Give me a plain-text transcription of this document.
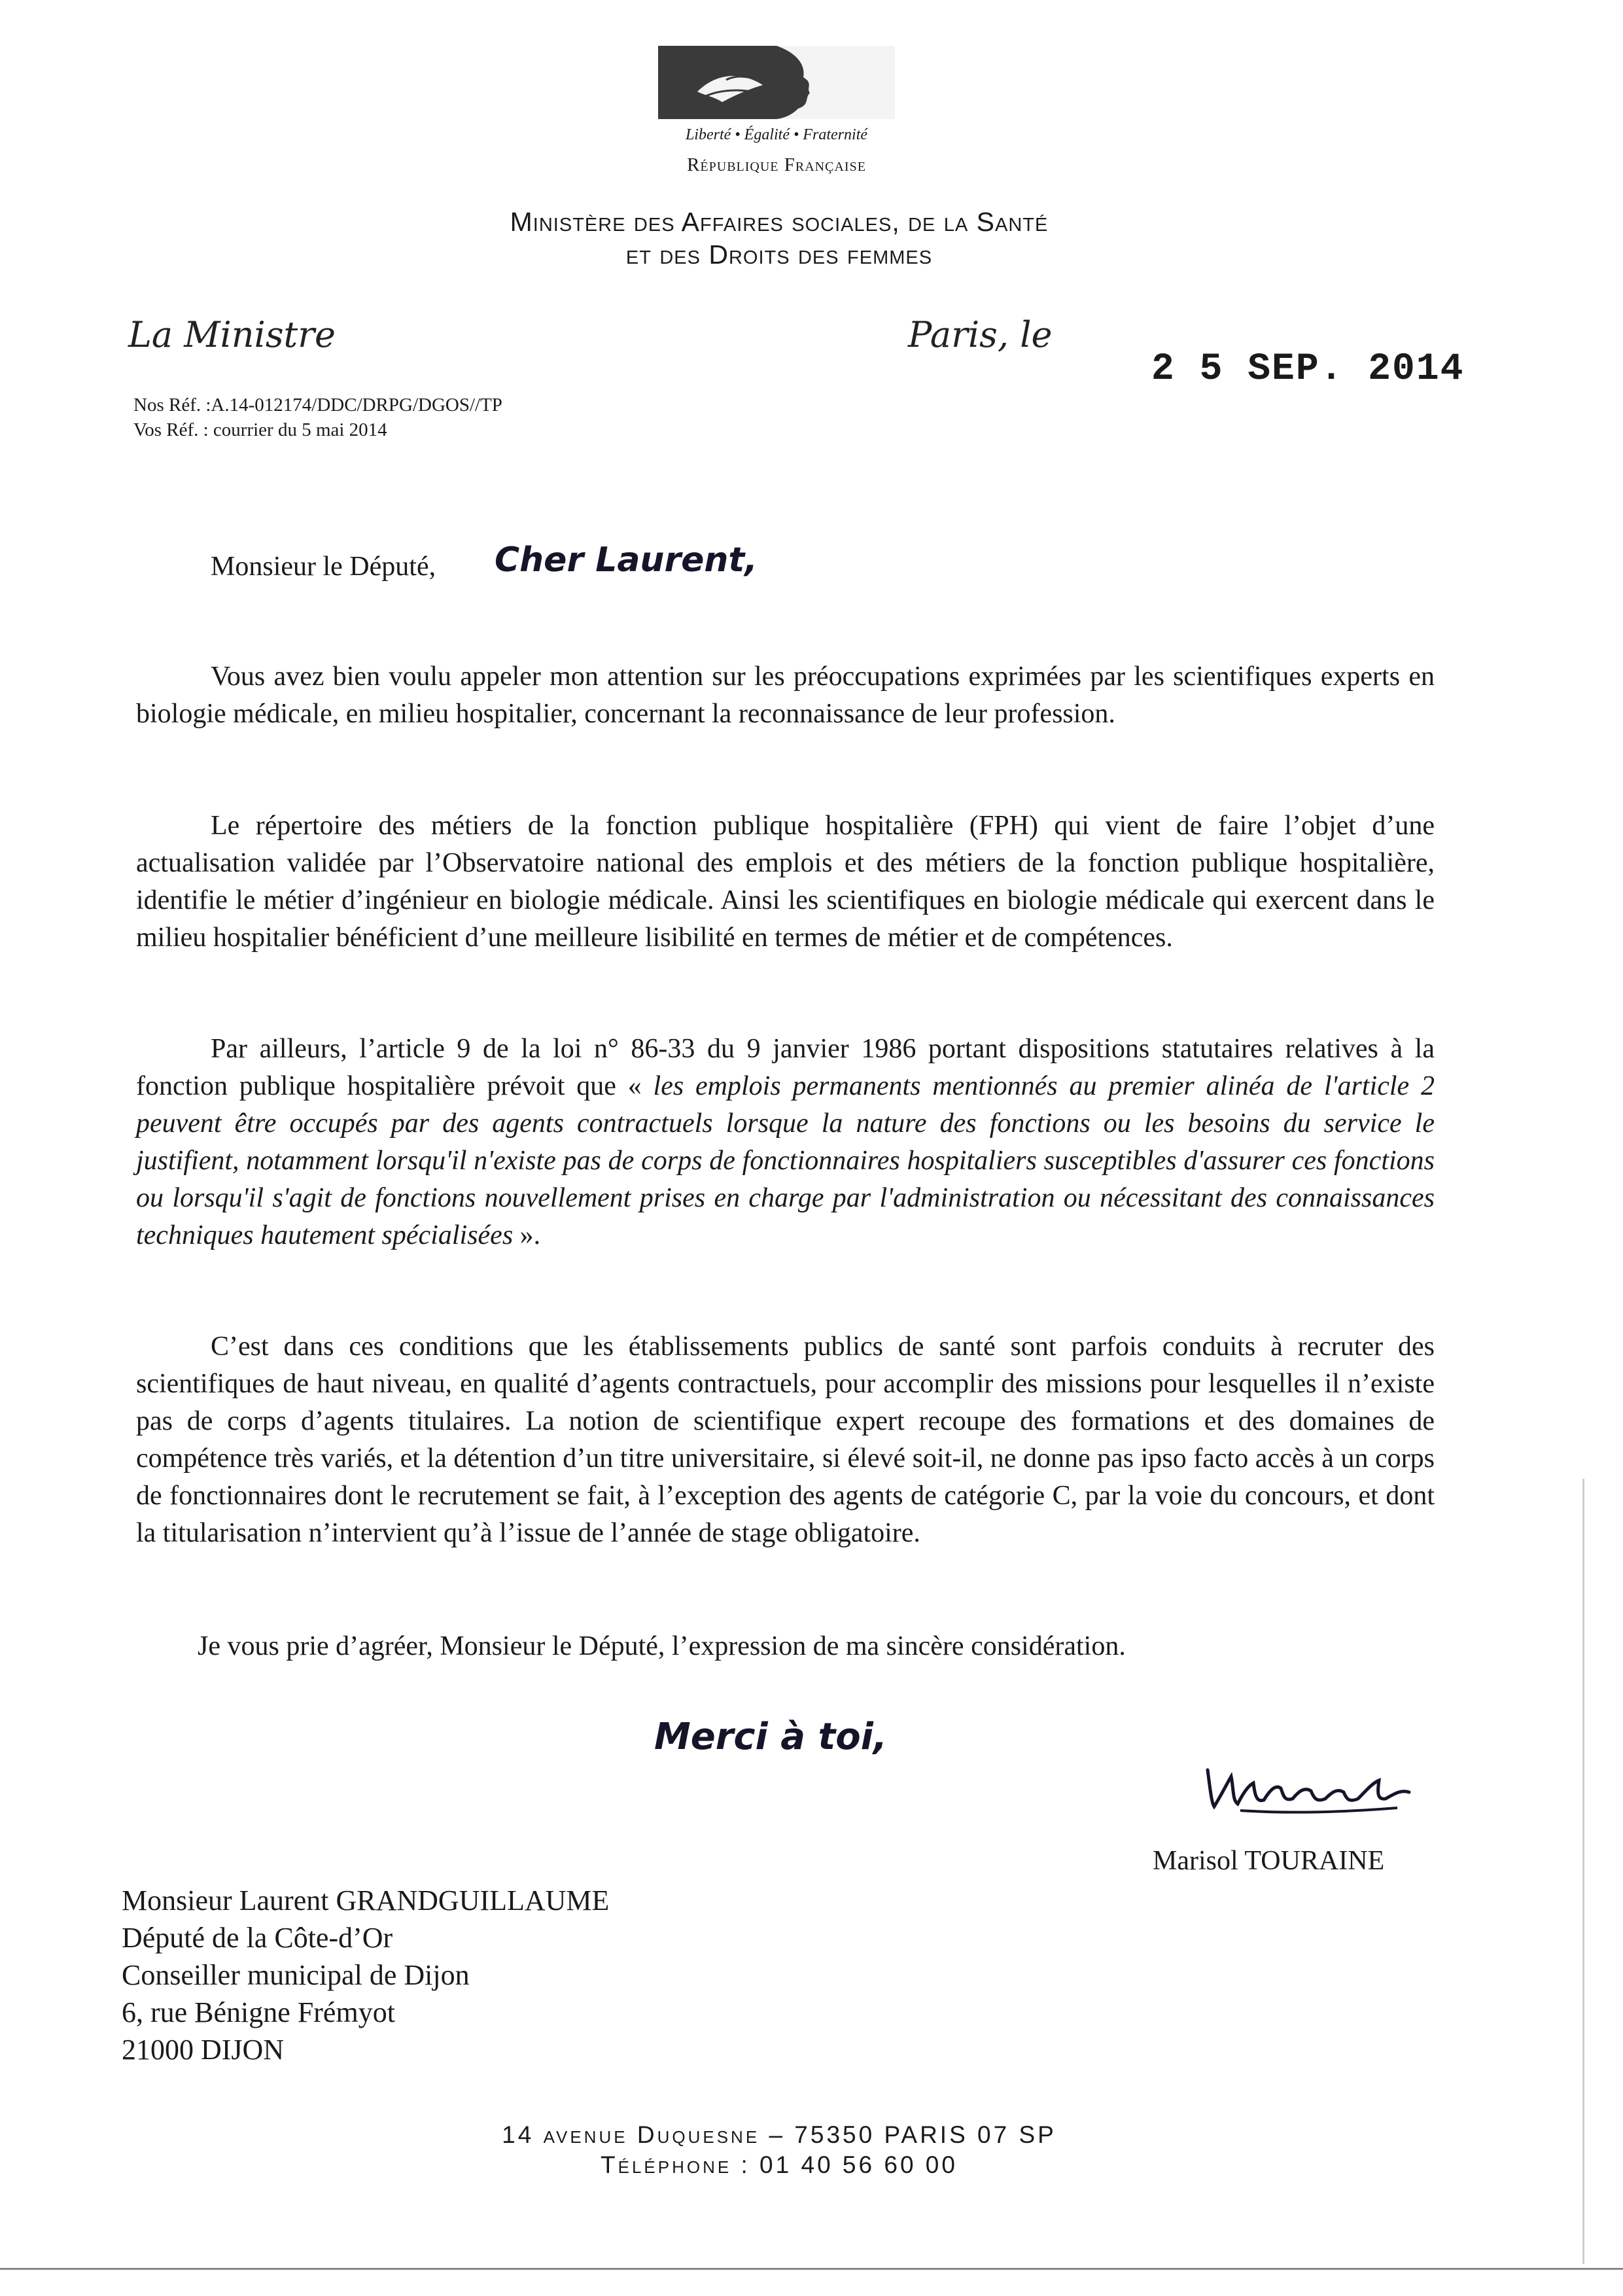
Liberté • Égalité • Fraternité
République Française
Ministère des Affaires sociales, de la Santé
et des Droits des femmes
La Ministre	Paris, le
2 5 SEP. 2014
Nos Réf. :A.14-012174/DDC/DRPG/DGOS//TP
Vos Réf. : courrier du 5 mai 2014
Monsieur le Député, Cher Laurent,

Vous avez bien voulu appeler mon attention sur les préoccupations exprimées par les scientifiques experts en biologie médicale, en milieu hospitalier, concernant la reconnaissance de leur profession.

Le répertoire des métiers de la fonction publique hospitalière (FPH) qui vient de faire l’objet d’une actualisation validée par l’Observatoire national des emplois et des métiers de la fonction publique hospitalière, identifie le métier d’ingénieur en biologie médicale. Ainsi les scientifiques en biologie médicale qui exercent dans le milieu hospitalier bénéficient d’une meilleure lisibilité en termes de métier et de compétences.

Par ailleurs, l’article 9 de la loi n° 86-33 du 9 janvier 1986 portant dispositions statutaires relatives à la fonction publique hospitalière prévoit que « les emplois permanents mentionnés au premier alinéa de l'article 2 peuvent être occupés par des agents contractuels lorsque la nature des fonctions ou les besoins du service le justifient, notamment lorsqu'il n'existe pas de corps de fonctionnaires hospitaliers susceptibles d'assurer ces fonctions ou lorsqu'il s'agit de fonctions nouvellement prises en charge par l'administration ou nécessitant des connaissances techniques hautement spécialisées ».

C’est dans ces conditions que les établissements publics de santé sont parfois conduits à recruter des scientifiques de haut niveau, en qualité d’agents contractuels, pour accomplir des missions pour lesquelles il n’existe pas de corps d’agents titulaires. La notion de scientifique expert recoupe des formations et des domaines de compétence très variés, et la détention d’un titre universitaire, si élevé soit-il, ne donne pas ipso facto accès à un corps de fonctionnaires dont le recrutement se fait, à l’exception des agents de catégorie C, par la voie du concours, et dont la titularisation n’intervient qu’à l’issue de l’année de stage obligatoire.

Je vous prie d’agréer, Monsieur le Député, l’expression de ma sincère considération.
Merci à toi,
Marisol TOURAINE
Monsieur Laurent GRANDGUILLAUME
Député de la Côte-d’Or
Conseiller municipal de Dijon
6, rue Bénigne Frémyot
21000 DIJON
14 avenue Duquesne – 75350 PARIS 07 SP
Téléphone : 01 40 56 60 00
